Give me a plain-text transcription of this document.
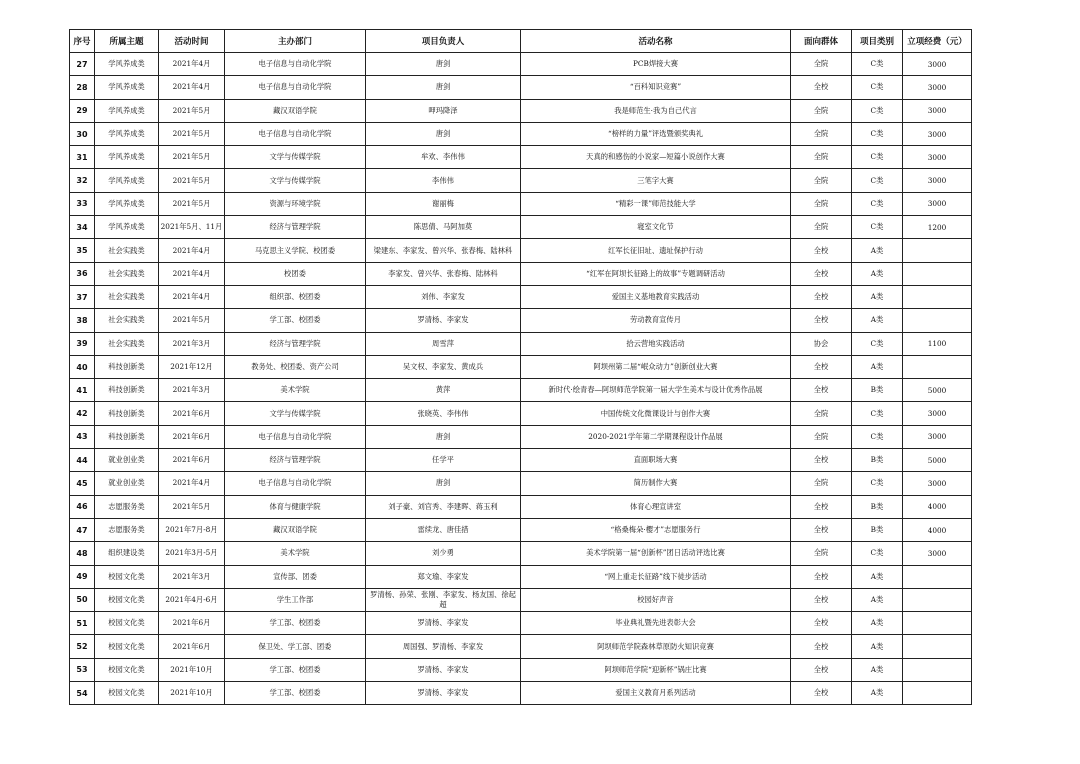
序号	所属主题	活动时间	主办部门	项目负责人	活动名称	面向群体	项目类别	立项经费（元）
27	学风养成类	2021年4月	电子信息与自动化学院	唐剑	PCB焊接大赛	全院	C类	3000
28	学风养成类	2021年4月	电子信息与自动化学院	唐剑	“百科知识竞赛”	全校	C类	3000
29	学风养成类	2021年5月	藏汉双语学院	呷玛降泽	我是师范生·我为自己代言	全院	C类	3000
30	学风养成类	2021年5月	电子信息与自动化学院	唐剑	“榜样的力量”评选暨颁奖典礼	全院	C类	3000
31	学风养成类	2021年5月	文学与传媒学院	牟欢、李伟伟	天真的和感伤的小说家—短篇小说创作大赛	全院	C类	3000
32	学风养成类	2021年5月	文学与传媒学院	李伟伟	三笔字大赛	全院	C类	3000
33	学风养成类	2021年5月	资源与环境学院	谢丽梅	“精彩一课”师范技能大学	全院	C类	3000
34	学风养成类	2021年5月、11月	经济与管理学院	陈思倩、马阿加莫	寝室文化节	全院	C类	1200
35	社会实践类	2021年4月	马克思主义学院、校团委	梁建东、李家发、曾兴华、张春梅、陆林科	红军长征旧址、遗址保护行动	全校	A类	
36	社会实践类	2021年4月	校团委	李家发、曾兴华、张春梅、陆林科	“红军在阿坝长征路上的故事”专题调研活动	全校	A类	
37	社会实践类	2021年4月	组织部、校团委	刘伟、李家发	爱国主义基地教育实践活动	全校	A类	
38	社会实践类	2021年5月	学工部、校团委	罗清杨、李家发	劳动教育宣传月	全校	A类	
39	社会实践类	2021年3月	经济与管理学院	周雪萍	拾云营地实践活动	协会	C类	1100
40	科技创新类	2021年12月	教务处、校团委、资产公司	吴文权、李家发、黄成兵	阿坝州第二届“岷众动力”创新创业大赛	全校	A类	
41	科技创新类	2021年3月	美术学院	黄萍	新时代·绘青春—阿坝师范学院第一届大学生美术与设计优秀作品展	全校	B类	5000
42	科技创新类	2021年6月	文学与传媒学院	张晓英、李伟伟	中国传统文化微课设计与创作大赛	全院	C类	3000
43	科技创新类	2021年6月	电子信息与自动化学院	唐剑	2020-2021学年第二学期课程设计作品展	全院	C类	3000
44	就业创业类	2021年6月	经济与管理学院	任学平	直面职场大赛	全校	B类	5000
45	就业创业类	2021年4月	电子信息与自动化学院	唐剑	简历制作大赛	全院	C类	3000
46	志愿服务类	2021年5月	体育与健康学院	刘子豪、刘官秀、李建晖、蒋玉利	体育心理宣讲室	全校	B类	4000
47	志愿服务类	2021年7月-8月	藏汉双语学院	雷续龙、唐佳措	“格桑梅朵·樱才”志愿服务行	全校	B类	4000
48	组织建设类	2021年3月-5月	美术学院	刘少勇	美术学院第一届“创新杯”团日活动评选比赛	全院	C类	3000
49	校园文化类	2021年3月	宣传部、团委	郑文瑜、李家发	“网上重走长征路”线下徒步活动	全校	A类	
50	校园文化类	2021年4月-6月	学生工作部	罗清杨、孙荣、张刚、李家发、杨友国、徐起超	校园好声音	全校	A类	
51	校园文化类	2021年6月	学工部、校团委	罗清杨、李家发	毕业典礼暨先进表彰大会	全校	A类	
52	校园文化类	2021年6月	保卫处、学工部、团委	周国强、罗清杨、李家发	阿坝师范学院森林草原防火知识竞赛	全校	A类	
53	校园文化类	2021年10月	学工部、校团委	罗清杨、李家发	阿坝师范学院“迎新杯”锅庄比赛	全校	A类	
54	校园文化类	2021年10月	学工部、校团委	罗清杨、李家发	爱国主义教育月系列活动	全校	A类	
